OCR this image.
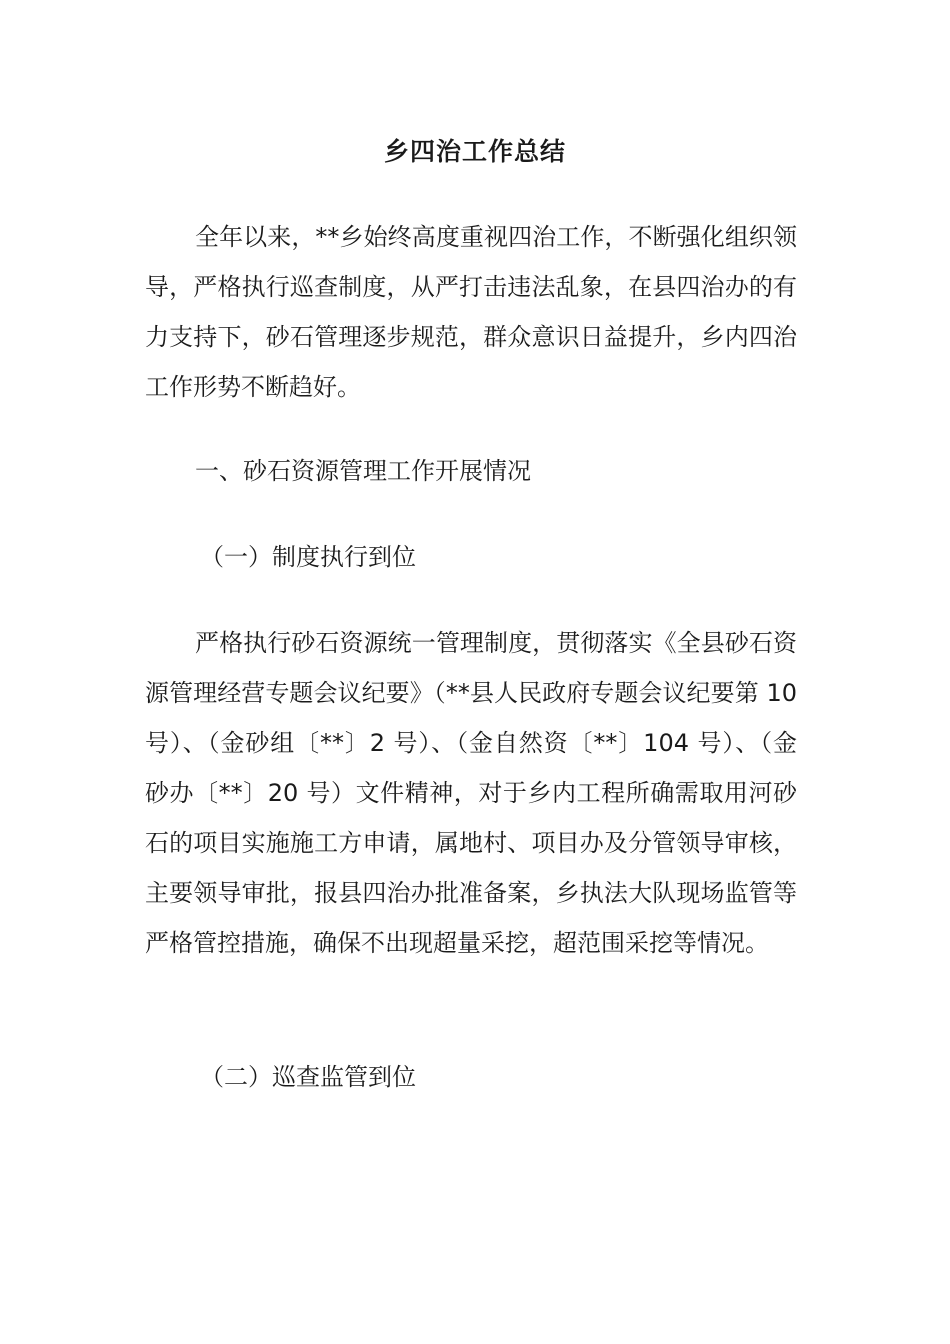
乡四治工作总结

全年以来，**乡始终高度重视四治工作，不断强化组织领导，严格执行巡查制度，从严打击违法乱象，在县四治办的有力支持下，砂石管理逐步规范，群众意识日益提升，乡内四治工作形势不断趋好。

一、砂石资源管理工作开展情况

（一）制度执行到位

严格执行砂石资源统一管理制度，贯彻落实《全县砂石资源管理经营专题会议纪要》（**县人民政府专题会议纪要第 10 号）、（金砂组〔**〕2 号）、（金自然资〔**〕104 号）、（金砂办〔**〕20 号）文件精神，对于乡内工程所确需取用河砂石的项目实施施工方申请，属地村、项目办及分管领导审核，主要领导审批，报县四治办批准备案，乡执法大队现场监管等严格管控措施，确保不出现超量采挖，超范围采挖等情况。

（二）巡查监管到位
